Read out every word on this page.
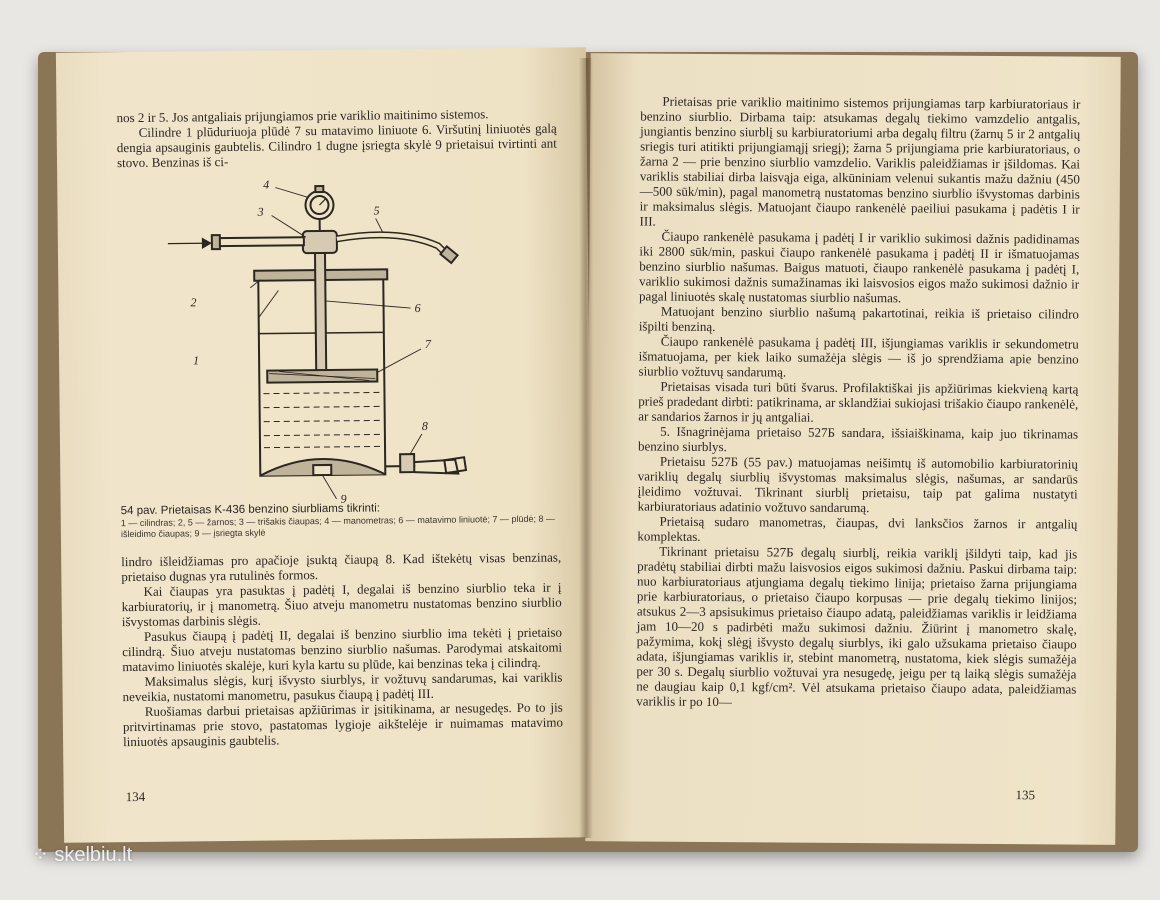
nos 2 ir 5. Jos antgaliais prijungiamos prie variklio maitinimo sistemos.

Cilindre 1 plūduriuoja plūdė 7 su matavimo liniuote 6. Viršutinį liniuotės galą dengia apsauginis gaubtelis. Cilindro 1 dugne įsriegta skylė 9 prietaisui tvirtinti ant stovo. Benzinas iš ci-

1
2
3
4
5
6
7
8
9
54 pav. Prietaisas K-436 benzino siurbliams tikrinti:
1 — cilindras; 2, 5 — žarnos; 3 — trišakis čiaupas; 4 — manometras; 6 — matavimo liniuotė; 7 — plūdė; 8 — išleidimo čiaupas; 9 — įsriegta skylė

lindro išleidžiamas pro apačioje įsuktą čiaupą 8. Kad ištekėtų visas benzinas, prietaiso dugnas yra rutulinės formos.

Kai čiaupas yra pasuktas į padėtį I, degalai iš benzino siurblio teka ir į karbiuratorių, ir į manometrą. Šiuo atveju manometru nustatomas benzino siurblio išvystomas darbinis slėgis.

Pasukus čiaupą į padėtį II, degalai iš benzino siurblio ima tekėti į prietaiso cilindrą. Šiuo atveju nustatomas benzino siurblio našumas. Parodymai atskaitomi matavimo liniuotės skalėje, kuri kyla kartu su plūde, kai benzinas teka į cilindrą.

Maksimalus slėgis, kurį išvysto siurblys, ir vožtuvų sandarumas, kai variklis neveikia, nustatomi manometru, pasukus čiaupą į padėtį III.

Ruošiamas darbui prietaisas apžiūrimas ir įsitikinama, ar nesugedęs. Po to jis pritvirtinamas prie stovo, pastatomas lygioje aikštelėje ir nuimamas matavimo liniuotės apsauginis gaubtelis.

134

Prietaisas prie variklio maitinimo sistemos prijungiamas tarp karbiuratoriaus ir benzino siurblio. Dirbama taip: atsukamas degalų tiekimo vamzdelio antgalis, jungiantis benzino siurblį su karbiuratoriumi arba degalų filtru (žarnų 5 ir 2 antgalių sriegis turi atitikti prijungiamąjį sriegį); žarna 5 prijungiama prie karbiuratoriaus, o žarna 2 — prie benzino siurblio vamzdelio. Variklis paleidžiamas ir įšildomas. Kai variklis stabiliai dirba laisvąja eiga, alkūniniam velenui sukantis mažu dažniu (450—500 sūk/min), pagal manometrą nustatomas benzino siurblio išvystomas darbinis ir maksimalus slėgis. Matuojant čiaupo rankenėlė paeiliui pasukama į padėtis I ir III.

Čiaupo rankenėlė pasukama į padėtį I ir variklio sukimosi dažnis padidinamas iki 2800 sūk/min, paskui čiaupo rankenėlė pasukama į padėtį II ir išmatuojamas benzino siurblio našumas. Baigus matuoti, čiaupo rankenėlė pasukama į padėtį I, variklio sukimosi dažnis sumažinamas iki laisvosios eigos mažo sukimosi dažnio ir pagal liniuotės skalę nustatomas siurblio našumas.

Matuojant benzino siurblio našumą pakartotinai, reikia iš prietaiso cilindro išpilti benziną.

Čiaupo rankenėlė pasukama į padėtį III, išjungiamas variklis ir sekundometru išmatuojama, per kiek laiko sumažėja slėgis — iš jo sprendžiama apie benzino siurblio vožtuvų sandarumą.

Prietaisas visada turi būti švarus. Profilaktiškai jis apžiūrimas kiekvieną kartą prieš pradedant dirbti: patikrinama, ar sklandžiai sukiojasi trišakio čiaupo rankenėlė, ar sandarios žarnos ir jų antgaliai.

5. Išnagrinėjama prietaiso 527Б sandara, išsiaiškinama, kaip juo tikrinamas benzino siurblys.

Prietaisu 527Б (55 pav.) matuojamas neišimtų iš automobilio karbiuratorinių variklių degalų siurblių išvystomas maksimalus slėgis, našumas, ar sandarūs įleidimo vožtuvai. Tikrinant siurblį prietaisu, taip pat galima nustatyti karbiuratoriaus adatinio vožtuvo sandarumą.

Prietaisą sudaro manometras, čiaupas, dvi lanksčios žarnos ir antgalių komplektas.

Tikrinant prietaisu 527Б degalų siurblį, reikia variklį įšildyti taip, kad jis pradėtų stabiliai dirbti mažu laisvosios eigos sukimosi dažniu. Paskui dirbama taip: nuo karbiuratoriaus atjungiama degalų tiekimo linija; prietaiso žarna prijungiama prie karbiuratoriaus, o prietaiso čiaupo korpusas — prie degalų tiekimo linijos; atsukus 2—3 apsisukimus prietaiso čiaupo adatą, paleidžiamas variklis ir leidžiama jam 10—20 s padirbėti mažu sukimosi dažniu. Žiūrint į manometro skalę, pažymima, kokį slėgį išvysto degalų siurblys, iki galo užsukama prietaiso čiaupo adata, išjungiamas variklis ir, stebint manometrą, nustatoma, kiek slėgis sumažėja per 30 s. Degalų siurblio vožtuvai yra nesugedę, jeigu per tą laiką slėgis sumažėja ne daugiau kaip 0,1 kgf/cm². Vėl atsukama prietaiso čiaupo adata, paleidžiamas variklis ir po 10—

135
⁘ skelbiu.lt
